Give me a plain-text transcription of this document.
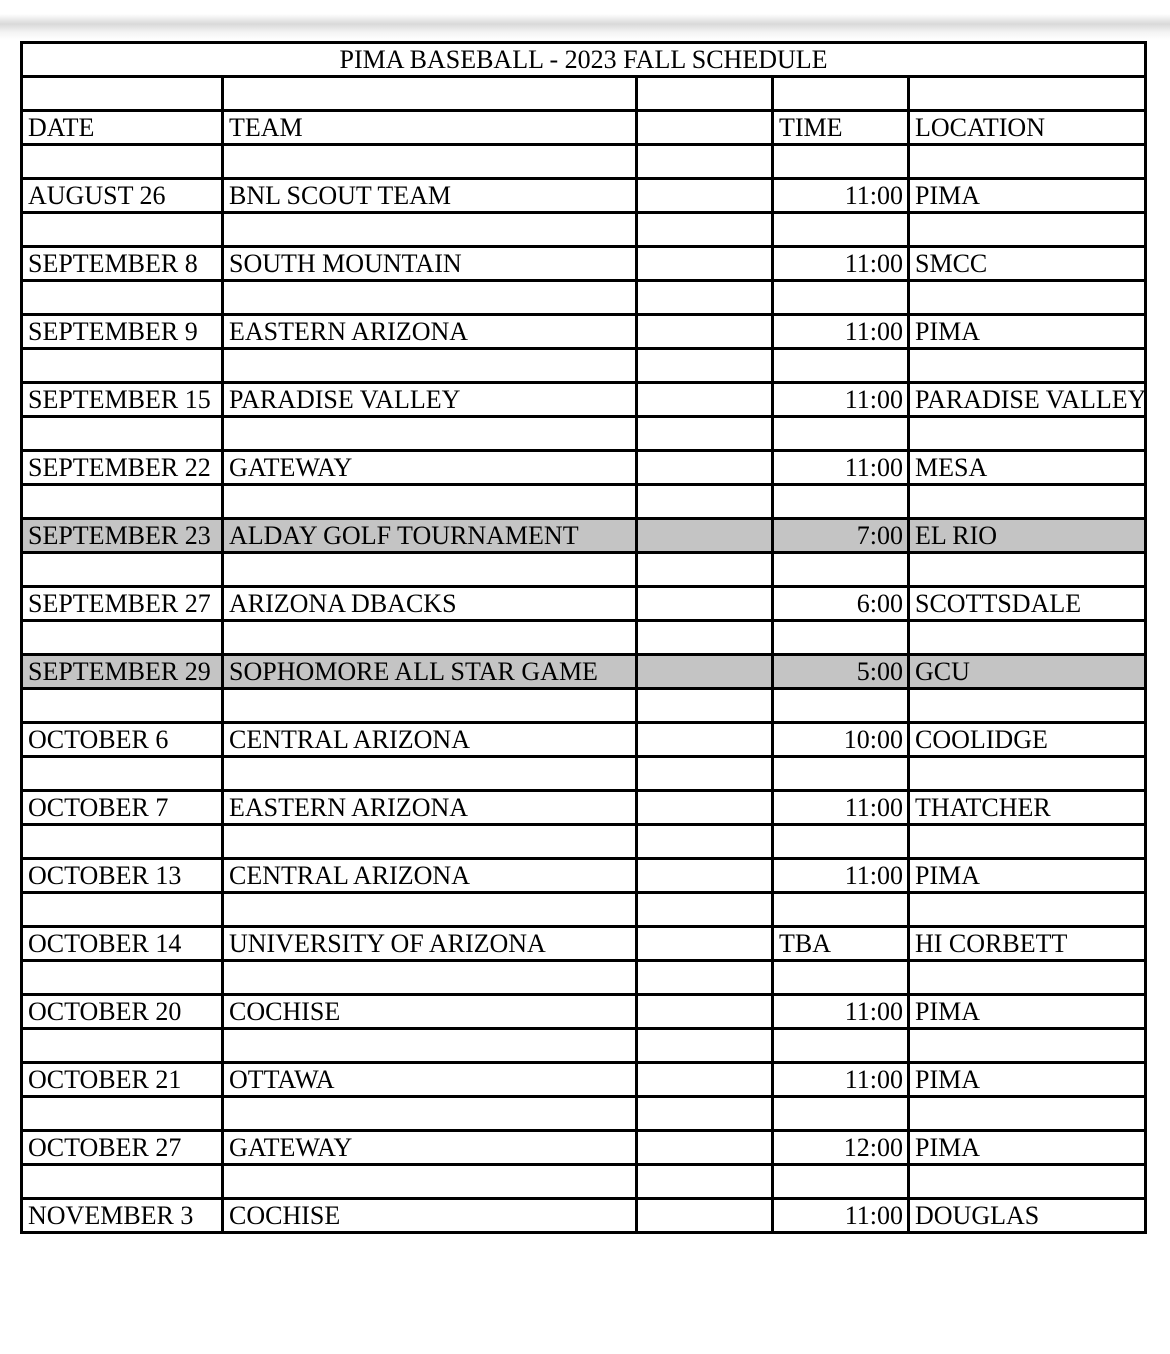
PIMA BASEBALL - 2023 FALL SCHEDULE				

DATE	TEAM		TIME	LOCATION

AUGUST 26	BNL SCOUT TEAM		11:00	PIMA

SEPTEMBER 8	SOUTH MOUNTAIN		11:00	SMCC

SEPTEMBER 9	EASTERN ARIZONA		11:00	PIMA

SEPTEMBER 15	PARADISE VALLEY		11:00	PARADISE VALLEY

SEPTEMBER 22	GATEWAY		11:00	MESA

SEPTEMBER 23	ALDAY GOLF TOURNAMENT		7:00	EL RIO

SEPTEMBER 27	ARIZONA DBACKS		6:00	SCOTTSDALE

SEPTEMBER 29	SOPHOMORE ALL STAR GAME		5:00	GCU

OCTOBER 6	CENTRAL ARIZONA		10:00	COOLIDGE

OCTOBER 7	EASTERN ARIZONA		11:00	THATCHER

OCTOBER 13	CENTRAL ARIZONA		11:00	PIMA

OCTOBER 14	UNIVERSITY OF ARIZONA		TBA	HI CORBETT

OCTOBER 20	COCHISE		11:00	PIMA

OCTOBER 21	OTTAWA		11:00	PIMA

OCTOBER 27	GATEWAY		12:00	PIMA

NOVEMBER 3	COCHISE		11:00	DOUGLAS
